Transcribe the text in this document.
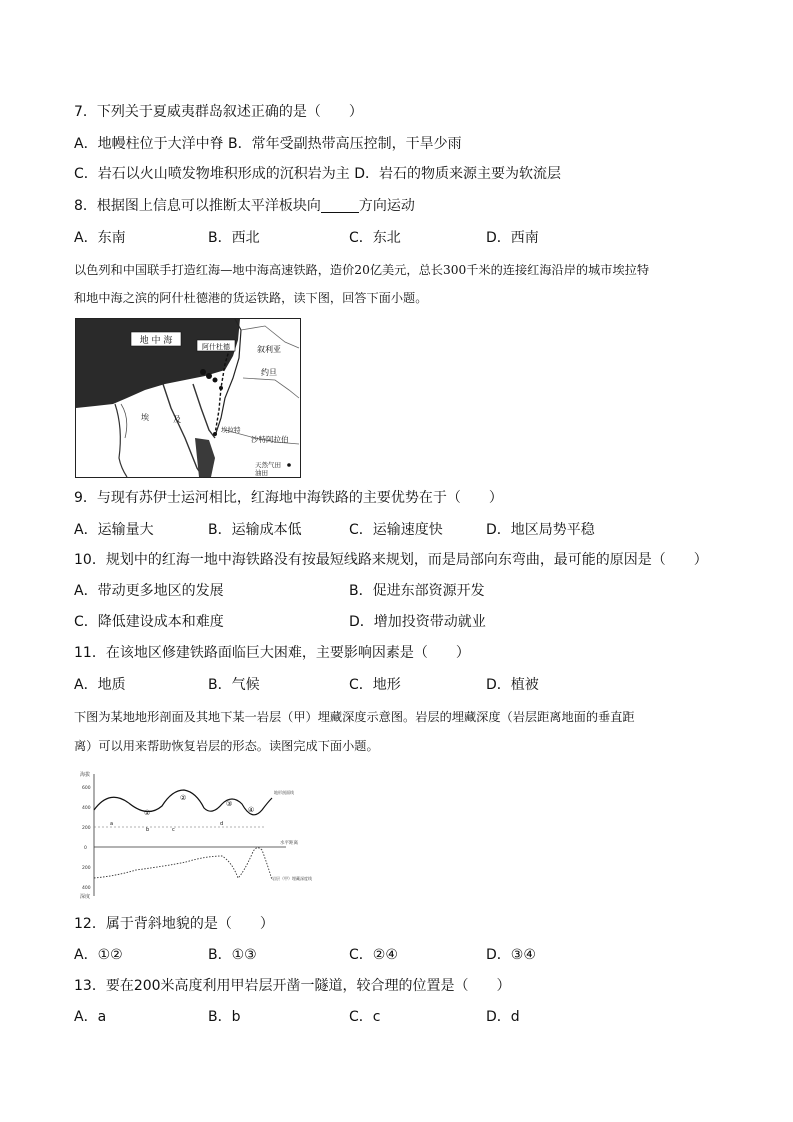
7．下列关于夏威夷群岛叙述正确的是（　　）
A．地幔柱位于大洋中脊 B．常年受副热带高压控制，干旱少雨
C．岩石以火山喷发物堆积形成的沉积岩为主 D．岩石的物质来源主要为软流层
8．根据图上信息可以推断太平洋板块向	方向运动
A．东南	B．西北	C．东北	D．西南
以色列和中国联手打造红海—地中海高速铁路，造价20亿美元，总长300千米的连接红海沿岸的城市埃拉特
和地中海之滨的阿什杜德港的货运铁路，读下图，回答下面小题。
地 中 海
阿什杜德	叙利亚
约旦
埃	及
沙特阿拉伯
埃拉特
天然气田
油田
9．与现有苏伊士运河相比，红海地中海铁路的主要优势在于（　　）
A．运输量大	B．运输成本低	C．运输速度快	D．地区局势平稳
10．规划中的红海一地中海铁路没有按最短线路来规划，而是局部向东弯曲，最可能的原因是（　　）
A．带动更多地区的发展	B．促进东部资源开发
C．降低建设成本和难度	D．增加投资带动就业
11．在该地区修建铁路面临巨大困难，主要影响因素是（　　）
A．地质	B．气候	C．地形	D．植被
下图为某地地形剖面及其地下某一岩层（甲）埋藏深度示意图。岩层的埋藏深度（岩层距离地面的垂直距
离）可以用来帮助恢复岩层的形态。读图完成下面小题。
海拔
深度
600
400
200
0
200
400
水平距离
a
b	c
d
①
②
③
④
地形剖面线
岩层（甲）埋藏深度线
12．属于背斜地貌的是（　　）
A．①②	B．①③	C．②④	D．③④
13．要在200米高度利用甲岩层开凿一隧道，较合理的位置是（　　）
A．a	B．b	C．c	D．d
